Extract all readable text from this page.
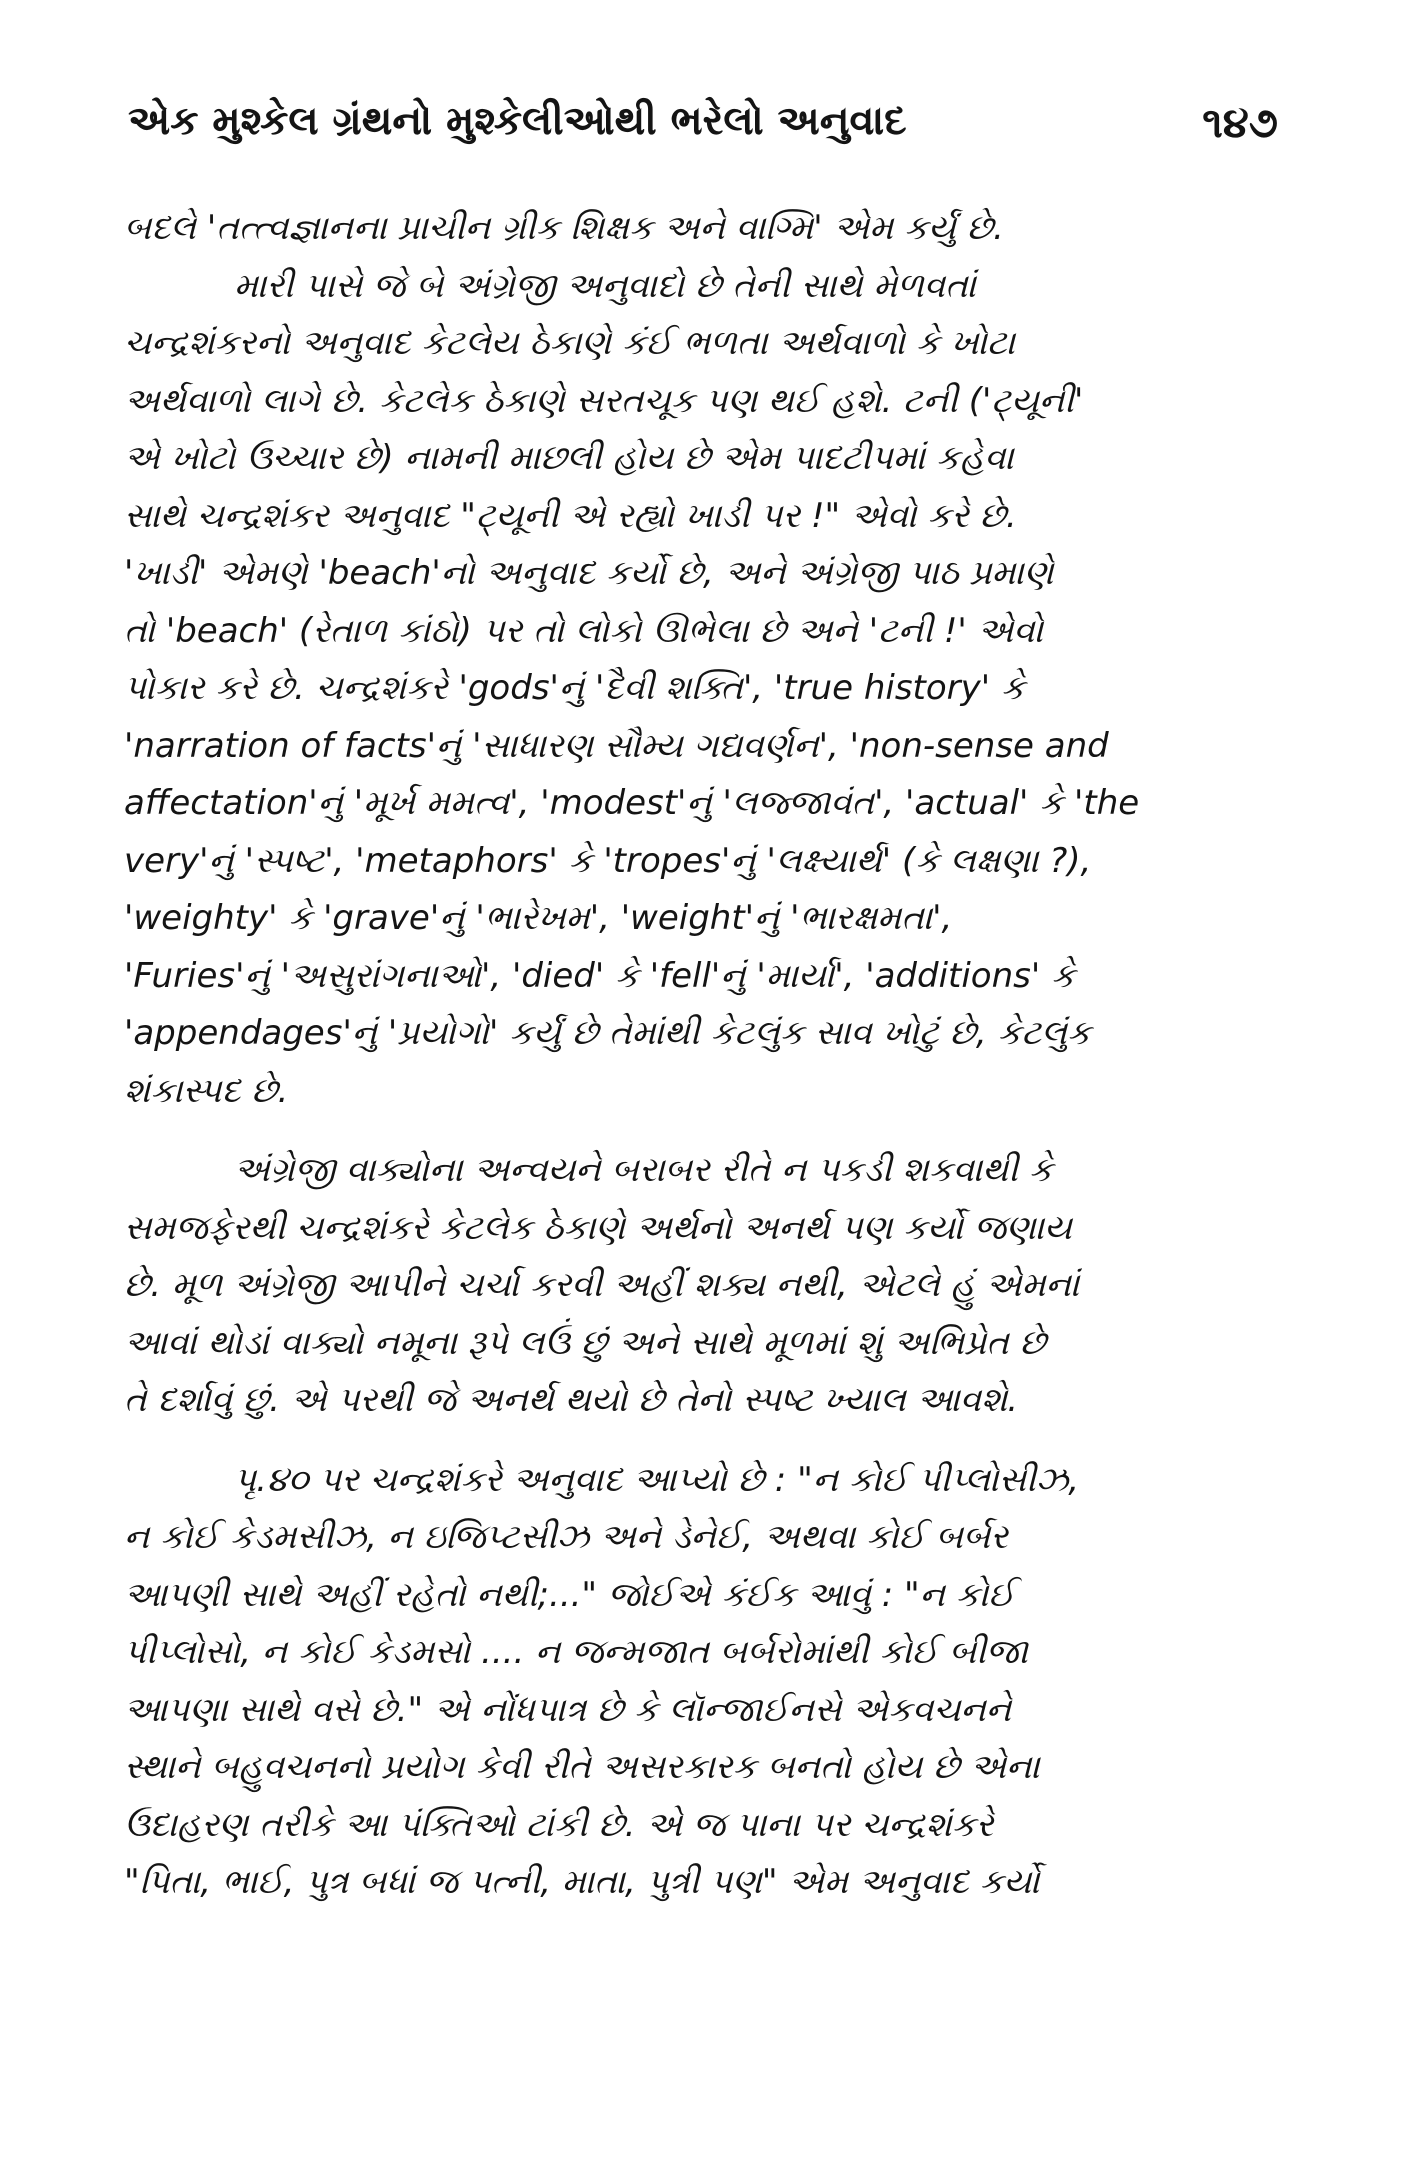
એક મુશ્કેલ ગ્રંથનો મુશ્કેલીઓથી ભરેલો અનુવાદ	૧૪૭
બદલે 'તત્ત્વજ્ઞાનના પ્રાચીન ગ્રીક શિક્ષક અને વાગ્મિ' એમ કર્યું છે.
મારી પાસે જે બે અંગ્રેજી અનુવાદો છે તેની સાથે મેળવતાં
ચન્દ્રશંકરનો અનુવાદ કેટલેય ઠેકાણે કંઈ ભળતા અર્થવાળો કે ખોટા
અર્થવાળો લાગે છે. કેટલેક ઠેકાણે સરતચૂક પણ થઈ હશે. ટની ('ટ્યૂની'
એ ખોટો ઉચ્ચાર છે) નામની માછલી હોય છે એમ પાદટીપમાં કહેવા
સાથે ચન્દ્રશંકર અનુવાદ "ટ્યૂની એ રહ્યો ખાડી પર !" એવો કરે છે.
'ખાડી' એમણે 'beach'નો અનુવાદ કર્યો છે, અને અંગ્રેજી પાઠ પ્રમાણે
તો 'beach' (રેતાળ કાંઠો) પર તો લોકો ઊભેલા છે અને 'ટની !' એવો
પોકાર કરે છે. ચન્દ્રશંકરે 'gods'નું 'દૈવી શક્તિ', 'true history' કે
'narration of facts'નું 'સાધારણ સૌમ્ય ગદ્યવર્ણન', 'non-sense and
affectation'નું 'મૂર્ખ મમત્વ', 'modest'નું 'લજ્જાવંત', 'actual' કે 'the
very'નું 'સ્પષ્ટ', 'metaphors' કે 'tropes'નું 'લક્ષ્યાર્થ' (કે લક્ષણા ?),
'weighty' કે 'grave'નું 'ભારેખમ', 'weight'નું 'ભારક્ષમતા',
'Furies'નું 'અસુરાંગનાઓ', 'died' કે 'fell'નું 'માર્યા', 'additions' કે
'appendages'નું 'પ્રયોગો' કર્યું છે તેમાંથી કેટલુંક સાવ ખોટું છે, કેટલુંક
શંકાસ્પદ છે.
અંગ્રેજી વાક્યોના અન્વયને બરાબર રીતે ન પકડી શકવાથી કે
સમજફેરથી ચન્દ્રશંકરે કેટલેક ઠેકાણે અર્થનો અનર્થ પણ કર્યો જણાય
છે. મૂળ અંગ્રેજી આપીને ચર્ચા કરવી અહીં શક્ય નથી, એટલે હું એમનાં
આવાં થોડાં વાક્યો નમૂના રૂપે લઉં છું અને સાથે મૂળમાં શું અભિપ્રેત છે
તે દર્શાવું છું. એ પરથી જે અનર્થ થયો છે તેનો સ્પષ્ટ ખ્યાલ આવશે.
પૃ.૪૦ પર ચન્દ્રશંકરે અનુવાદ આપ્યો છે : "ન કોઈ પીપ્લોસીઝ,
ન કોઈ કેડમસીઝ, ન ઇજિપ્ટસીઝ અને ડેનેઈ, અથવા કોઈ બર્બર
આપણી સાથે અહીં રહેતો નથી;..." જોઈએ કંઈક આવું : "ન કોઈ
પીપ્લોસો, ન કોઈ કેડમસો .... ન જન્મજાત બર્બરોમાંથી કોઈ બીજા
આપણા સાથે વસે છે." એ નોંધપાત્ર છે કે લૉન્જાઈનસે એકવચનને
સ્થાને બહુવચનનો પ્રયોગ કેવી રીતે અસરકારક બનતો હોય છે એના
ઉદાહરણ તરીકે આ પંક્તિઓ ટાંકી છે. એ જ પાના પર ચન્દ્રશંકરે
"પિતા, ભાઈ, પુત્ર બધાં જ પત્ની, માતા, પુત્રી પણ" એમ અનુવાદ કર્યો
